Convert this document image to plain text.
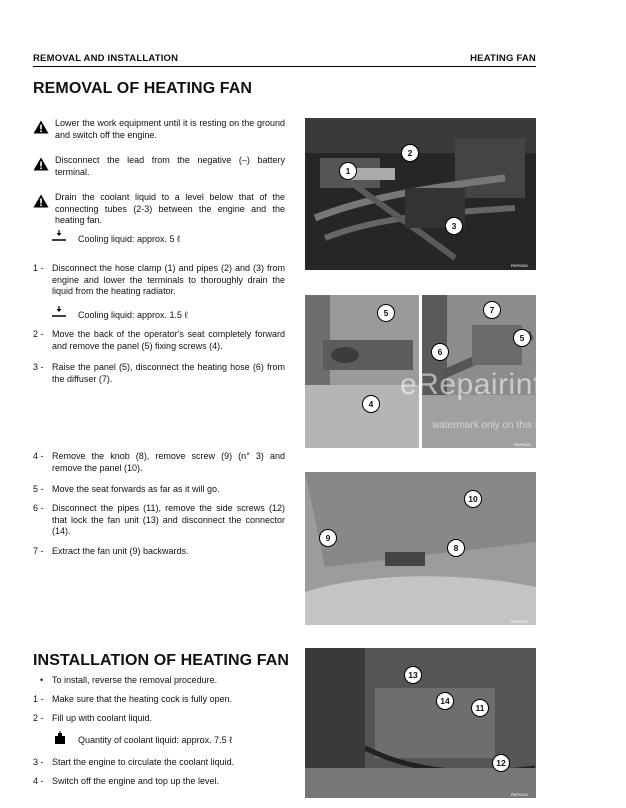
REMOVAL AND INSTALLATION	HEATING FAN
REMOVAL OF HEATING FAN
Lower the work equipment until it is resting on the ground and switch off the engine.
Disconnect the lead from the negative (–) battery terminal.
Drain the coolant liquid to a level below that of the connecting tubes (2-3) between the engine and the heating fan.
Cooling liquid: approx. 5 ℓ
1 - Disconnect the hose clamp (1) and pipes (2) and (3) from engine and lower the terminals to thoroughly drain the liquid from the heating radiator.
Cooling liquid: approx. 1.5 ℓ
2 - Move the back of the operator's seat completely forward and remove the panel (5) fixing screws (4).
3 - Raise the panel (5), disconnect the heating hose (6) from the diffuser (7).
4 - Remove the knob (8), remove screw (9) (n° 3) and remove the panel (10).
5 - Move the seat forwards as far as it will go.
6 - Disconnect the pipes (11), remove the side screws (12) that lock the fan unit (13) and disconnect the connector (14).
7 - Extract the fan unit (9) backwards.
INSTALLATION OF HEATING FAN
• To install, reverse the removal procedure.
1 - Make sure that the heating cock is fully open.
2 - Fill up with coolant liquid.
Quantity of coolant liquid: approx. 7.5 ℓ
3 - Start the engine to circulate the coolant liquid.
4 - Switch off the engine and top up the level.
1
2
3
RKP0001
5
4
7
5
6
RKP0021
eRepairinfo.com
watermark only on this sample
10
9
8
RKP0031
13
14
11
12
RKP0041
